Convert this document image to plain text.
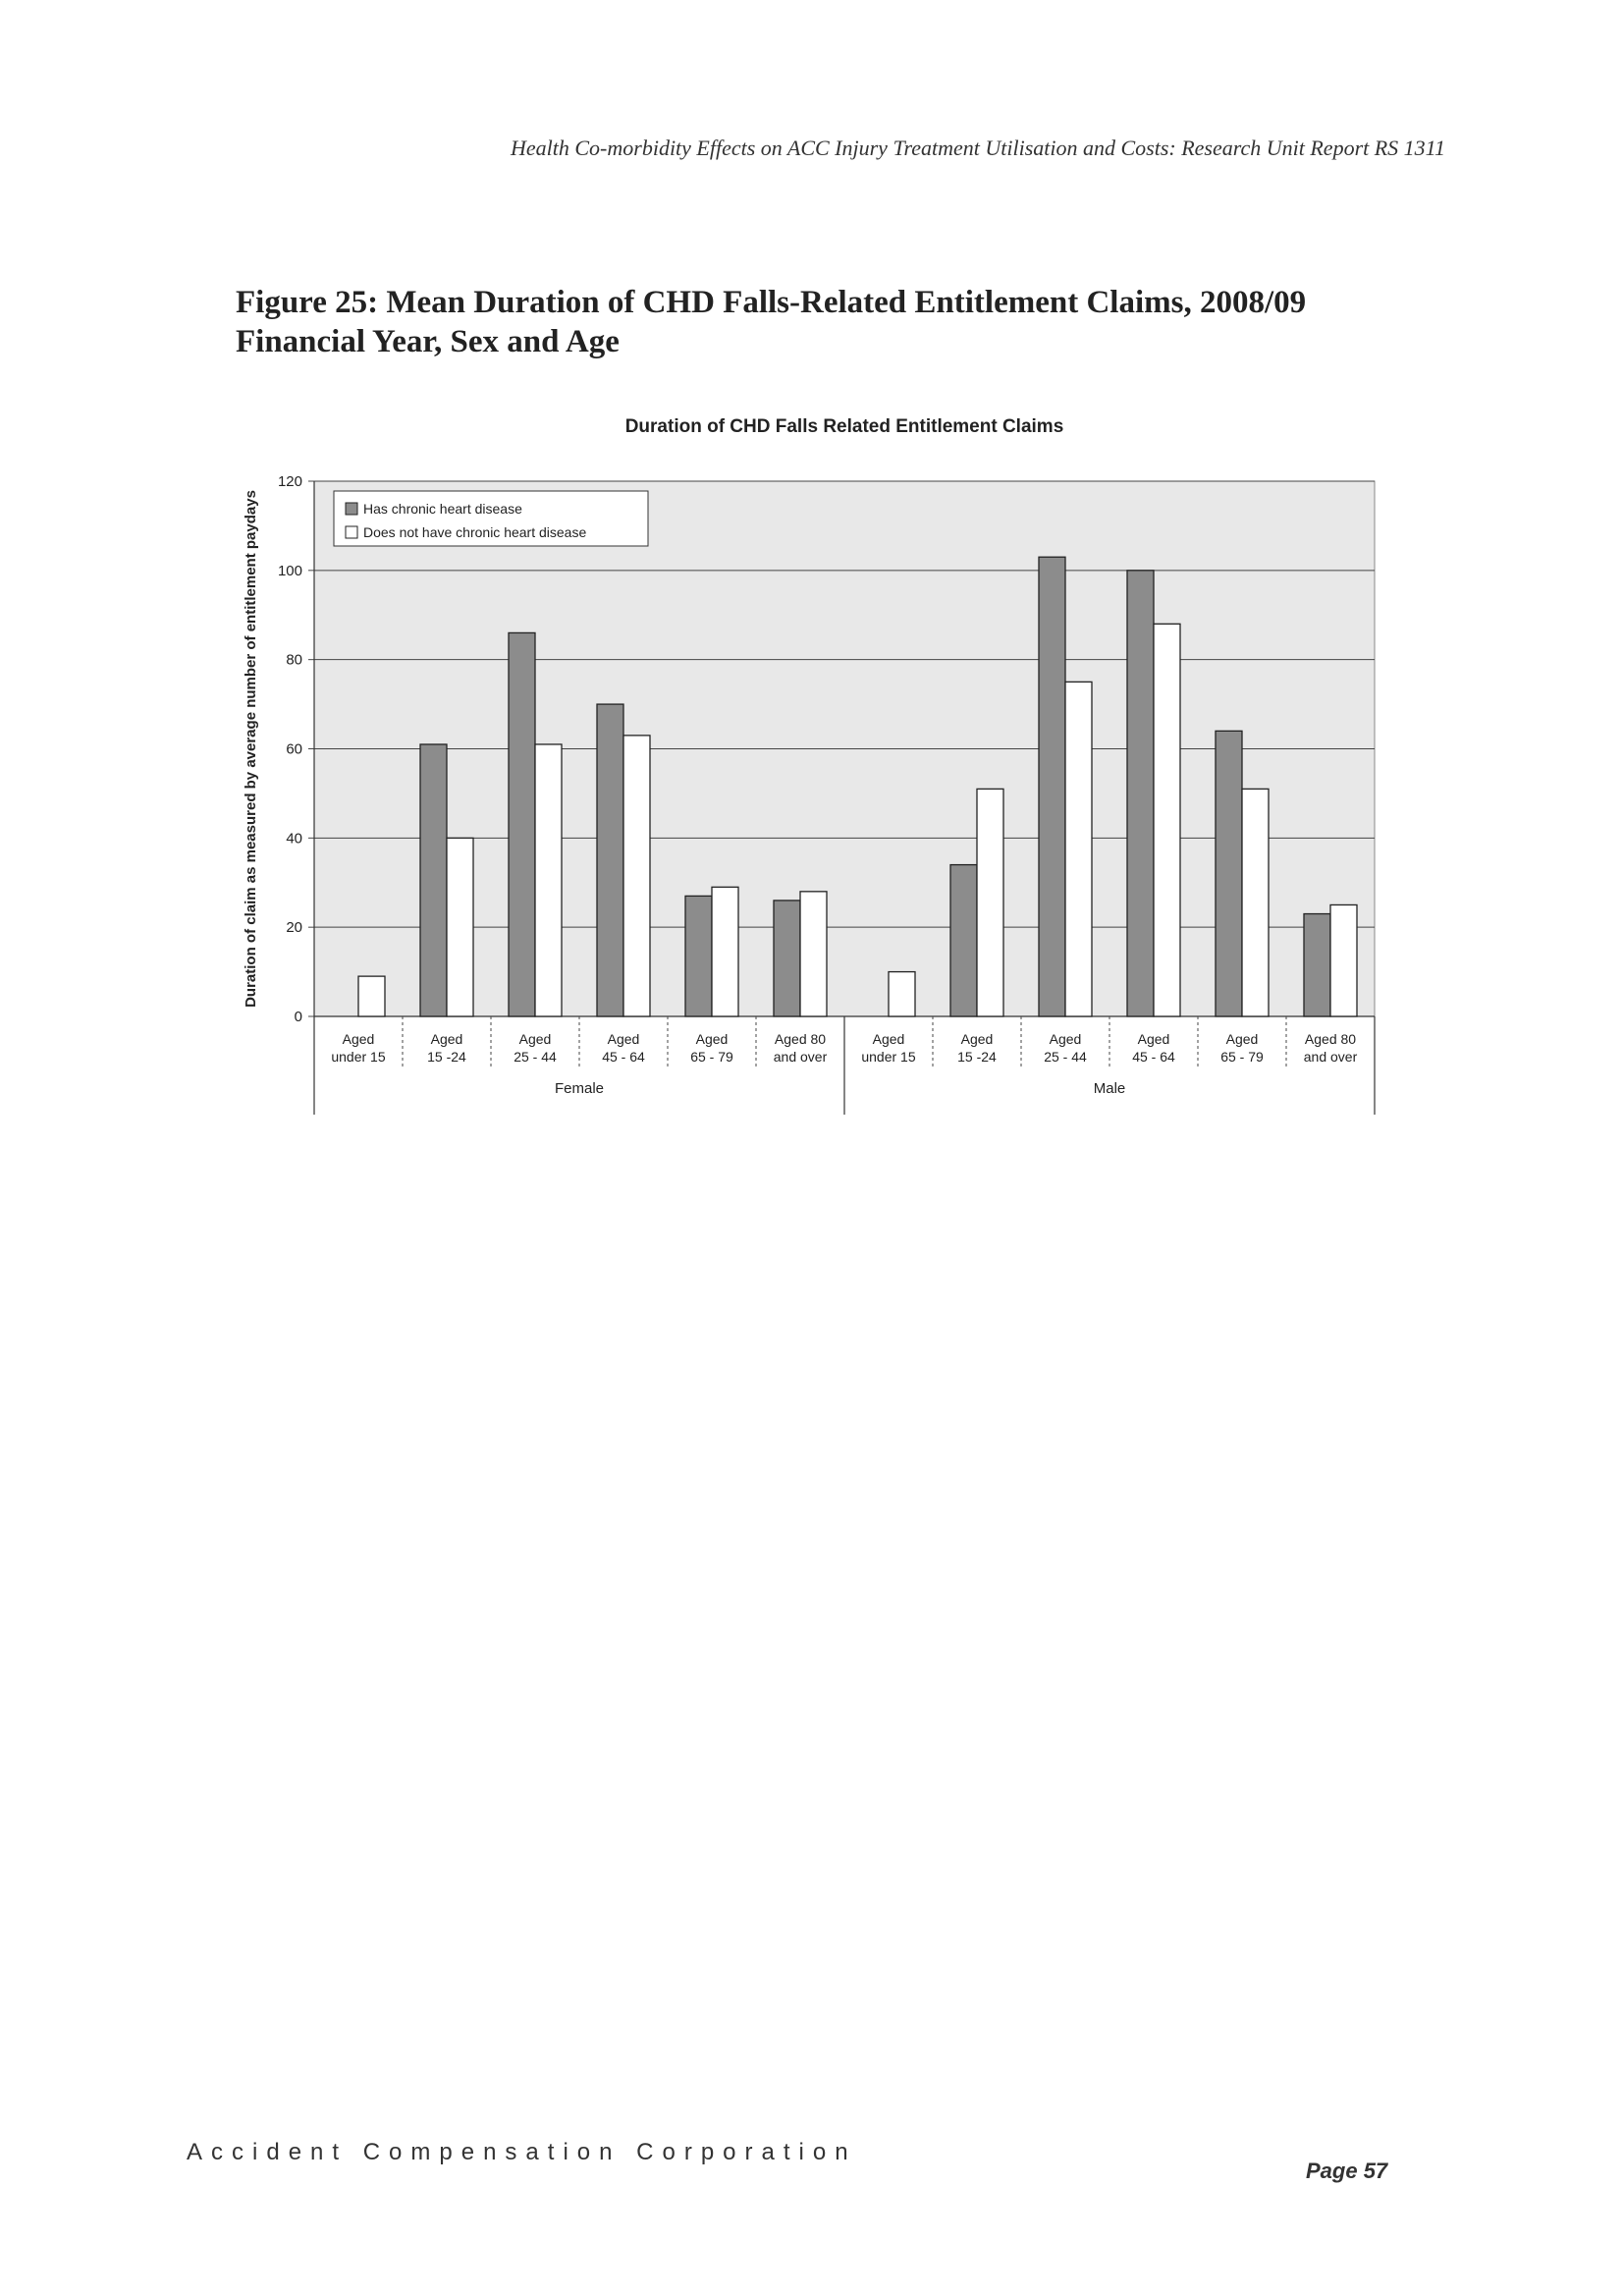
Health Co-morbidity Effects on ACC Injury Treatment Utilisation and Costs: Research Unit Report RS 1311
Figure 25: Mean Duration of CHD Falls-Related Entitlement Claims, 2008/09 Financial Year, Sex and Age
Duration of CHD Falls Related Entitlement Claims
0
20
40
60
80
100
120
Duration of claim as measured by average number of entitlement paydays
Aged
under 15
Aged
15 -24
Aged
25 - 44
Aged
45 - 64
Aged
65 - 79
Aged 80
and over
Aged
under 15
Aged
15 -24
Aged
25 - 44
Aged
45 - 64
Aged
65 - 79
Aged 80
and over
Female	Male
Has chronic heart disease
Does not have chronic heart disease
Accident Compensation Corporation
Page 57
